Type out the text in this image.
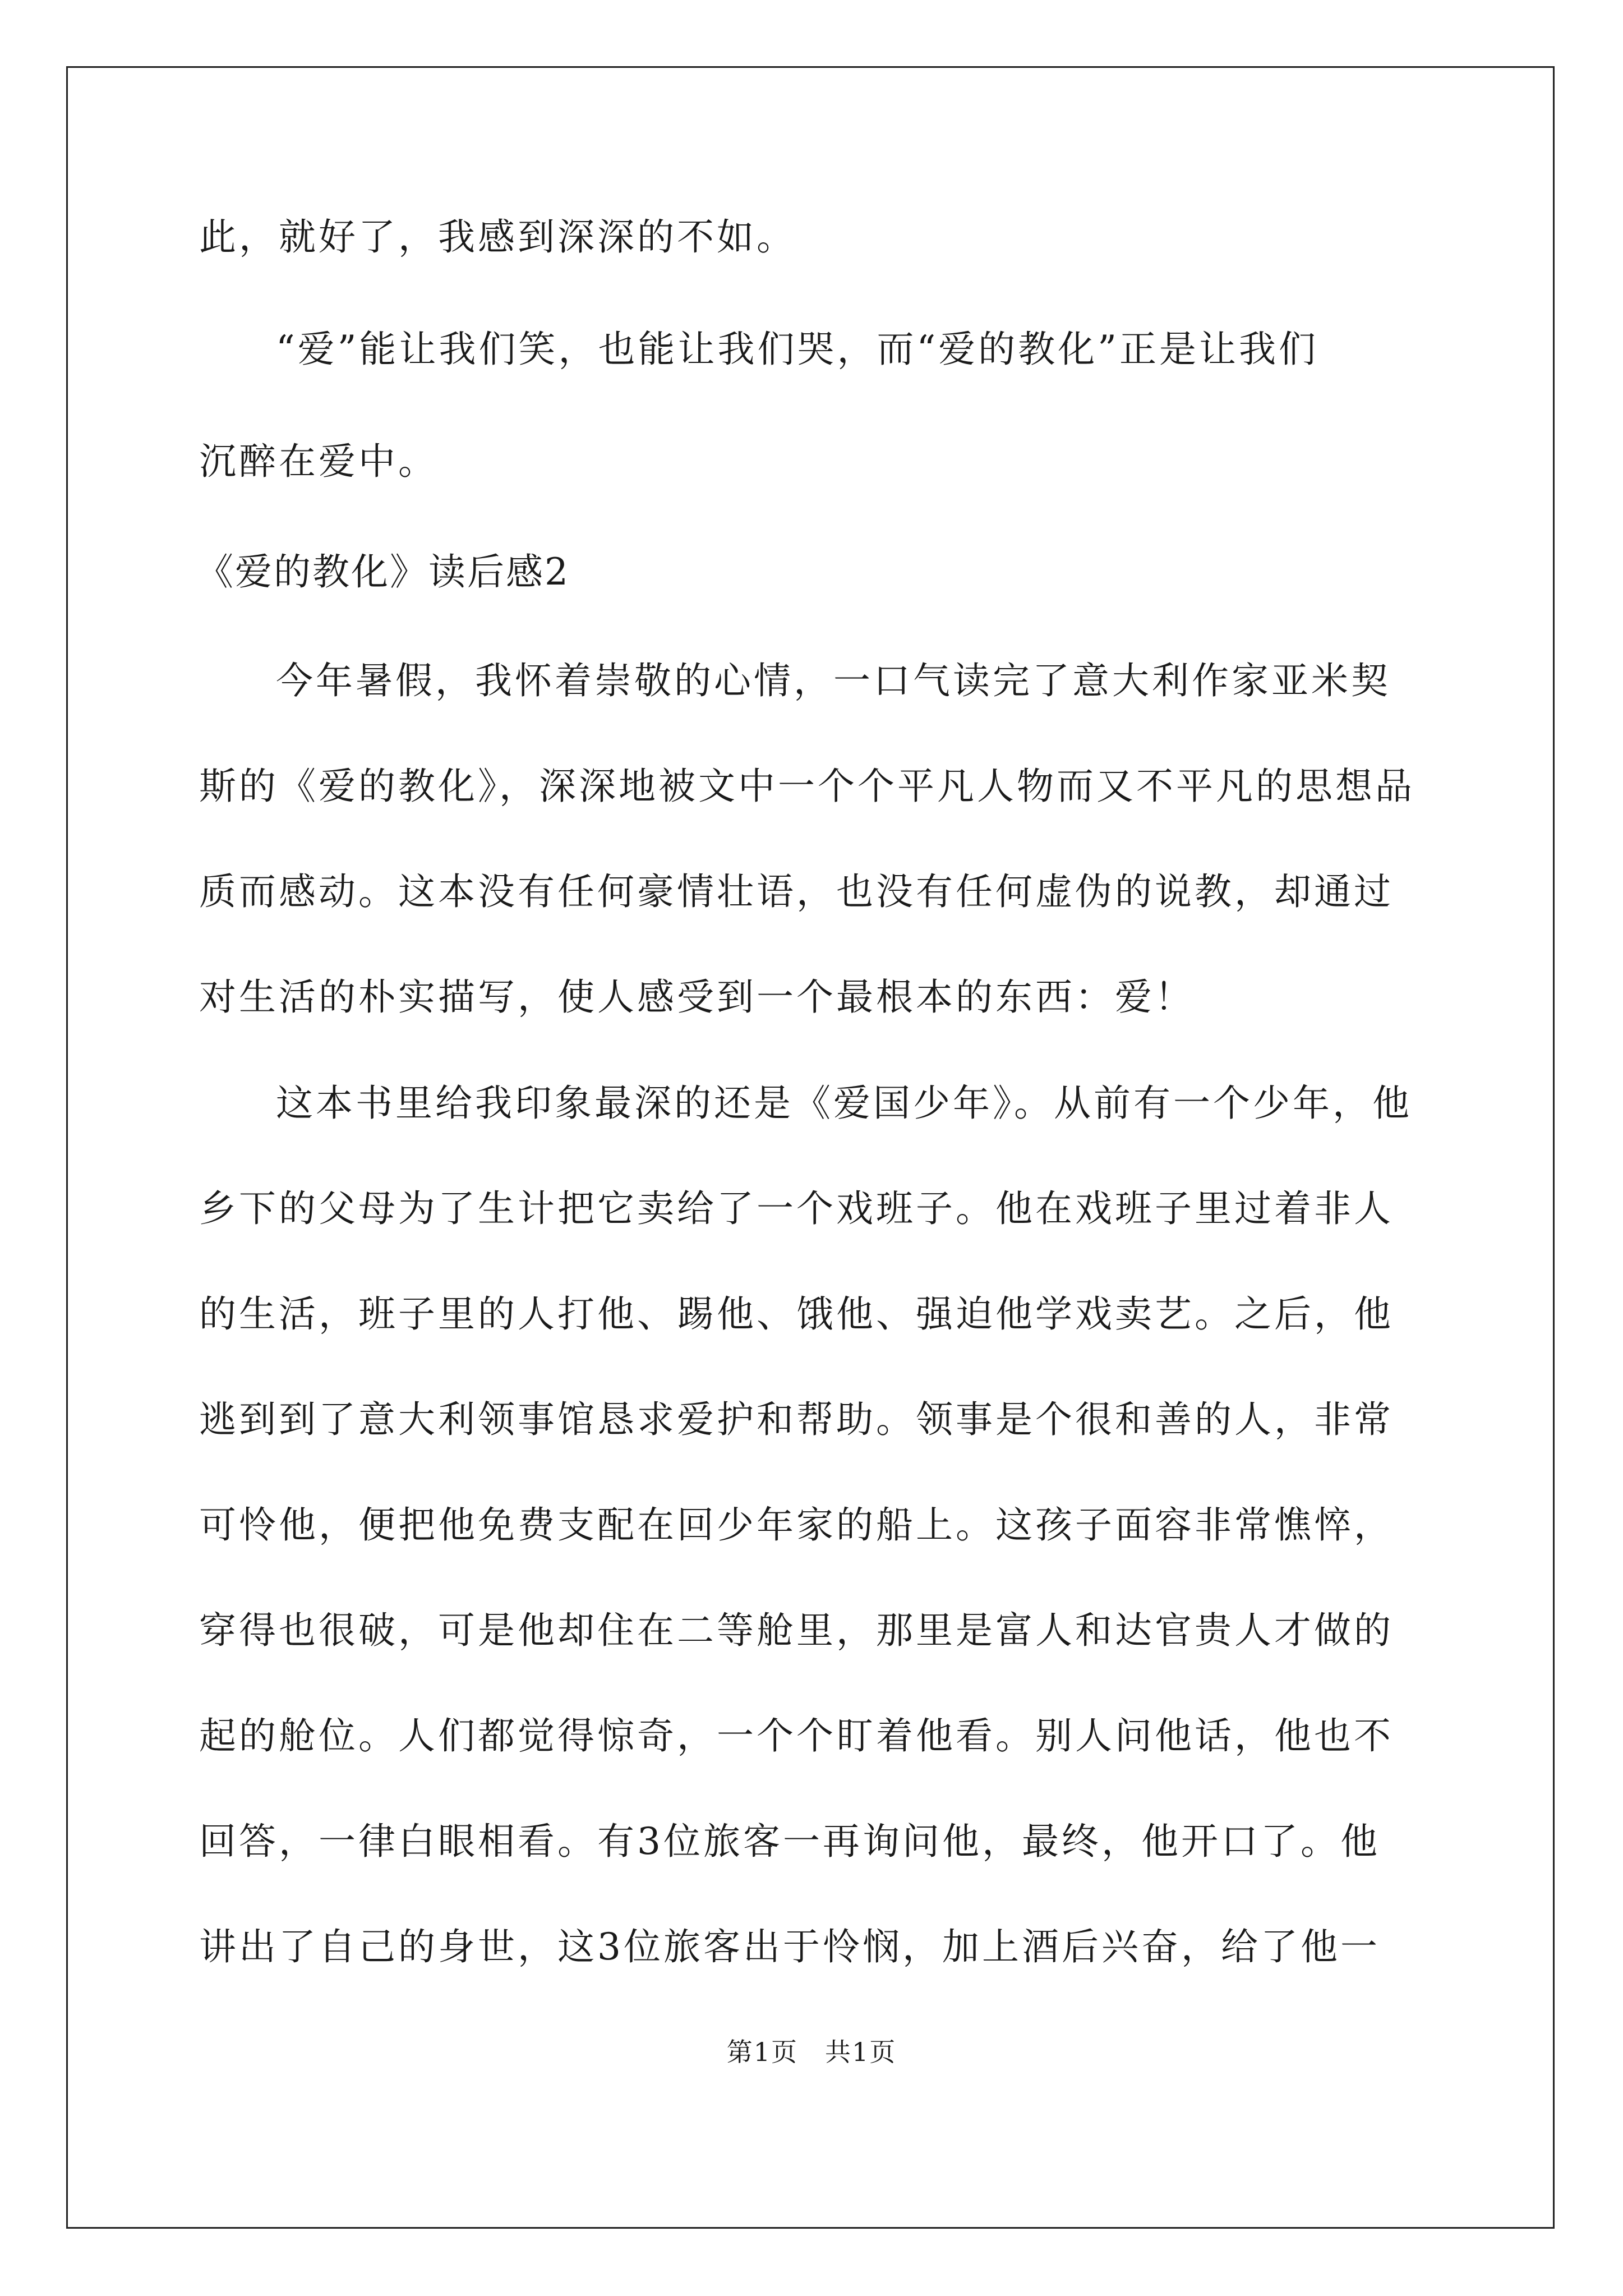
此，就好了，我感到深深的不如。
“爱”能让我们笑，也能让我们哭，而“爱的教化”正是让我们
沉醉在爱中。
《爱的教化》读后感2
今年暑假，我怀着崇敬的心情，一口气读完了意大利作家亚米契
斯的《爱的教化》，深深地被文中一个个平凡人物而又不平凡的思想品
质而感动。这本没有任何豪情壮语，也没有任何虚伪的说教，却通过
对生活的朴实描写，使人感受到一个最根本的东西：爱！
这本书里给我印象最深的还是《爱国少年》。从前有一个少年，他
乡下的父母为了生计把它卖给了一个戏班子。他在戏班子里过着非人
的生活，班子里的人打他、踢他、饿他、强迫他学戏卖艺。之后，他
逃到到了意大利领事馆恳求爱护和帮助。领事是个很和善的人，非常
可怜他，便把他免费支配在回少年家的船上。这孩子面容非常憔悴，
穿得也很破，可是他却住在二等舱里，那里是富人和达官贵人才做的
起的舱位。人们都觉得惊奇，一个个盯着他看。别人问他话，他也不
回答，一律白眼相看。有3位旅客一再询问他，最终，他开口了。他
讲出了自己的身世，这3位旅客出于怜悯，加上酒后兴奋，给了他一
第1页　共1页
